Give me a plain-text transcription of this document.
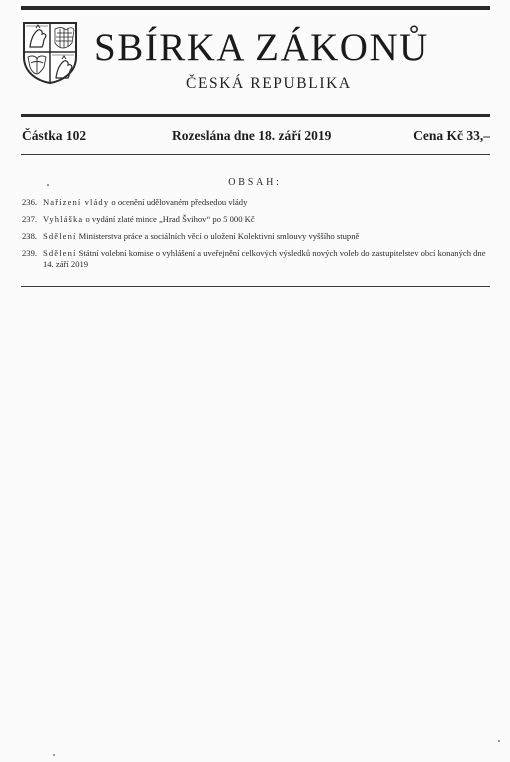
SBÍRKA ZÁKONŮ
ČESKÁ REPUBLIKA
Částka 102	Rozeslána dne 18. září 2019	Cena Kč 33,–
OBSAH:
236. Nařízení vlády o ocenění udělovaném předsedou vlády
237. Vyhláška o vydání zlaté mince „Hrad Švihov“ po 5 000 Kč
238. Sdělení Ministerstva práce a sociálních věcí o uložení Kolektivní smlouvy vyššího stupně
239. Sdělení Státní volební komise o vyhlášení a uveřejnění celkových výsledků nových voleb do zastupitelstev obcí konaných dne 14. září 2019
